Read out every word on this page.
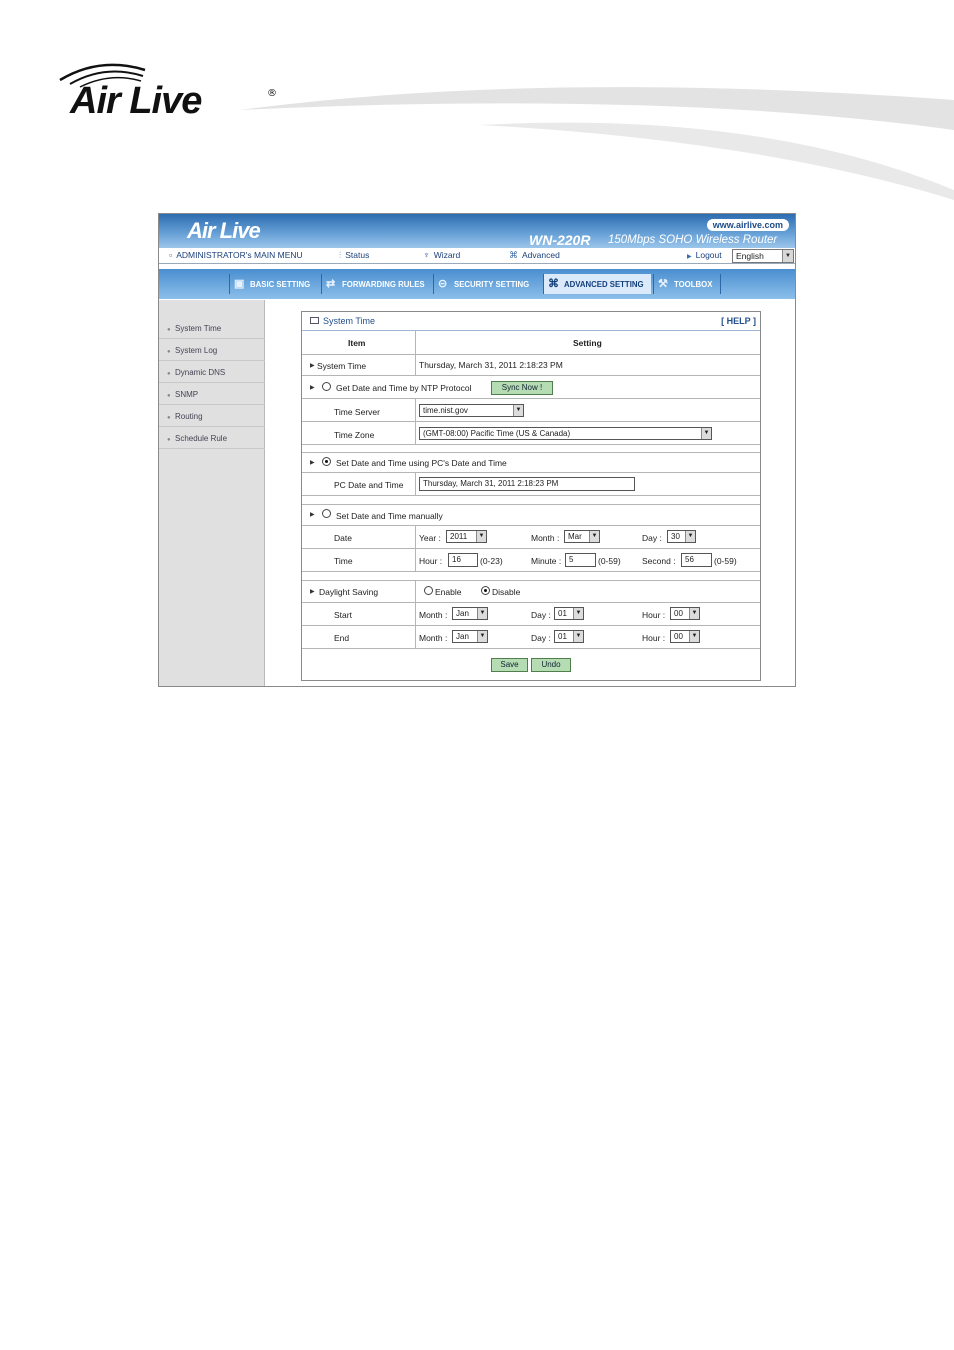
Air Live	®
Air Live	www.airlive.com
WN-220R 150Mbps SOHO Wireless Router
▫ ADMINISTRATOR's MAIN MENU	⫶ Status	♆ Wizard	⌘ Advanced	▶ Logout	English	▼
▣ BASIC SETTING	⇄ FORWARDING RULES	⊝ SECURITY SETTING	⌘ ADVANCED SETTING	⚒ TOOLBOX
● System Time
● System Log
● Dynamic DNS
● SNMP
● Routing
● Schedule Rule
System Time	[ HELP ]
Item	Setting
▶ System Time	Thursday, March 31, 2011 2:18:23 PM
▶	Get Date and Time by NTP Protocol	Sync Now !
Time Server	time.nist.gov	▼
Time Zone	(GMT-08:00) Pacific Time (US & Canada)	▼
▶	Set Date and Time using PC's Date and Time
PC Date and Time	Thursday, March 31, 2011 2:18:23 PM
▶	Set Date and Time manually
Date	Year :	2011	▼	Month :	Mar	▼	Day :	30	▼
Time	Hour :	16	(0-23)	Minute : 5	(0-59)	Second :	56	(0-59)
▶ Daylight Saving	Enable	Disable
Start	Month :	Jan	▼	Day : 01	▼	Hour :	00	▼
End	Month :	Jan	▼	Day : 01	▼	Hour :	00	▼
Save	Undo
